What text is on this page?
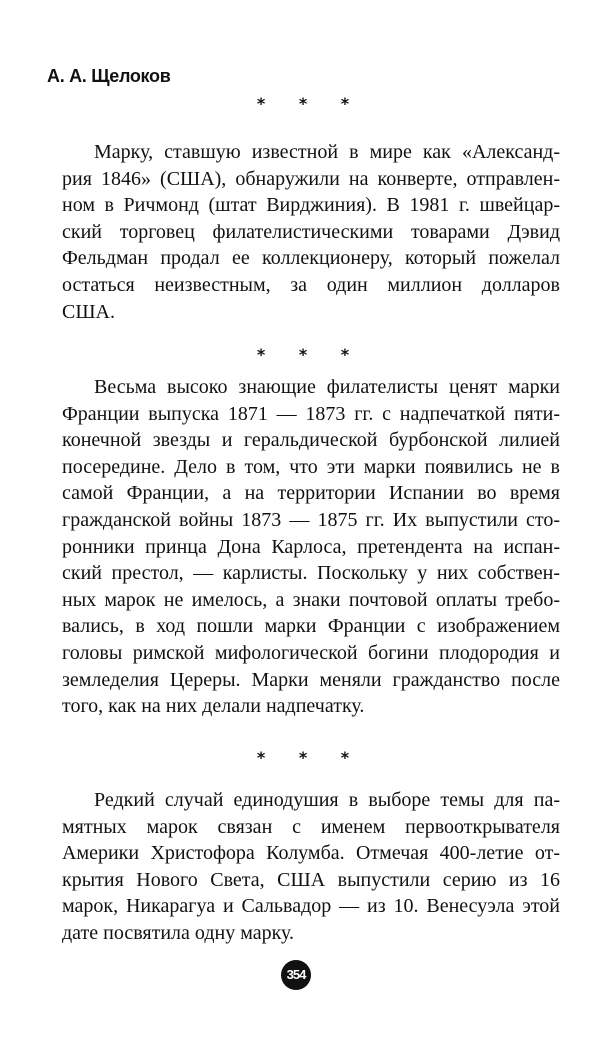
А. А. Щелоков
* * *
Марку, ставшую известной в мире как «Александ-
рия 1846» (США), обнаружили на конверте, отправлен-
ном в Ричмонд (штат Вирджиния). В 1981 г. швейцар-
ский торговец филателистическими товарами Дэвид
Фельдман продал ее коллекционеру, который пожелал
остаться неизвестным, за один миллион долларов
США.
* * *
Весьма высоко знающие филателисты ценят марки
Франции выпуска 1871 — 1873 гг. с надпечаткой пяти-
конечной звезды и геральдической бурбонской лилией
посередине. Дело в том, что эти марки появились не в
самой Франции, а на территории Испании во время
гражданской войны 1873 — 1875 гг. Их выпустили сто-
ронники принца Дона Карлоса, претендента на испан-
ский престол, — карлисты. Поскольку у них собствен-
ных марок не имелось, а знаки почтовой оплаты требо-
вались, в ход пошли марки Франции с изображением
головы римской мифологической богини плодородия и
земледелия Цереры. Марки меняли гражданство после
того, как на них делали надпечатку.
* * *
Редкий случай единодушия в выборе темы для па-
мятных марок связан с именем первооткрывателя
Америки Христофора Колумба. Отмечая 400-летие от-
крытия Нового Света, США выпустили серию из 16
марок, Никарагуа и Сальвадор — из 10. Венесуэла этой
дате посвятила одну марку.
354
